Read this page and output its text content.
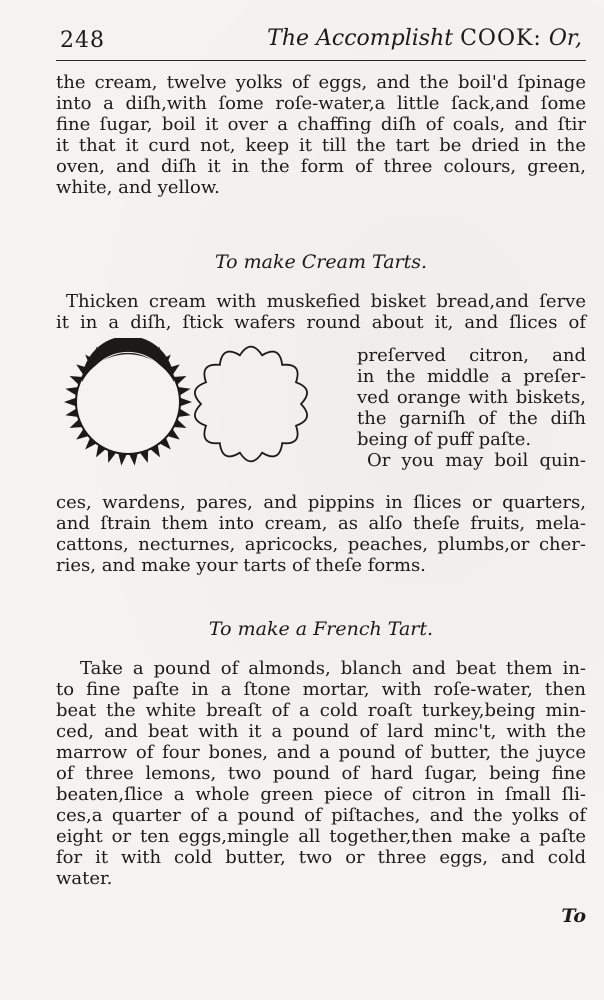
248	The Accomplisht COOK: Or,
the cream, twelve yolks of eggs, and the boil'd ſpinage
into a diſh,with ſome roſe-water,a little ſack,and ſome
fine ſugar, boil it over a chaffing diſh of coals, and ſtir
it that it curd not, keep it till the tart be dried in the
oven, and diſh it in the form of three colours, green,
white, and yellow.
To make Cream Tarts.
Thicken cream with muskefied bisket bread,and ſerve
it in a diſh, ſtick wafers round about it, and ſlices of
preſerved citron, and
in the middle a preſer-
ved orange with biskets,
the garniſh of the diſh
being of puff paſte.
Or you may boil quin-
ces, wardens, pares, and pippins in ſlices or quarters,
and ſtrain them into cream, as alſo theſe fruits, mela-
cattons, necturnes, apricocks, peaches, plumbs,or cher-
ries, and make your tarts of theſe forms.
To make a French Tart.
Take a pound of almonds, blanch and beat them in-
to fine paſte in a ſtone mortar, with roſe-water, then
beat the white breaſt of a cold roaſt turkey,being min-
ced, and beat with it a pound of lard minc't, with the
marrow of four bones, and a pound of butter, the juyce
of three lemons, two pound of hard ſugar, being fine
beaten,ſlice a whole green piece of citron in ſmall ſli-
ces,a quarter of a pound of piſtaches, and the yolks of
eight or ten eggs,mingle all together,then make a paſte
for it with cold butter, two or three eggs, and cold
water.
To
